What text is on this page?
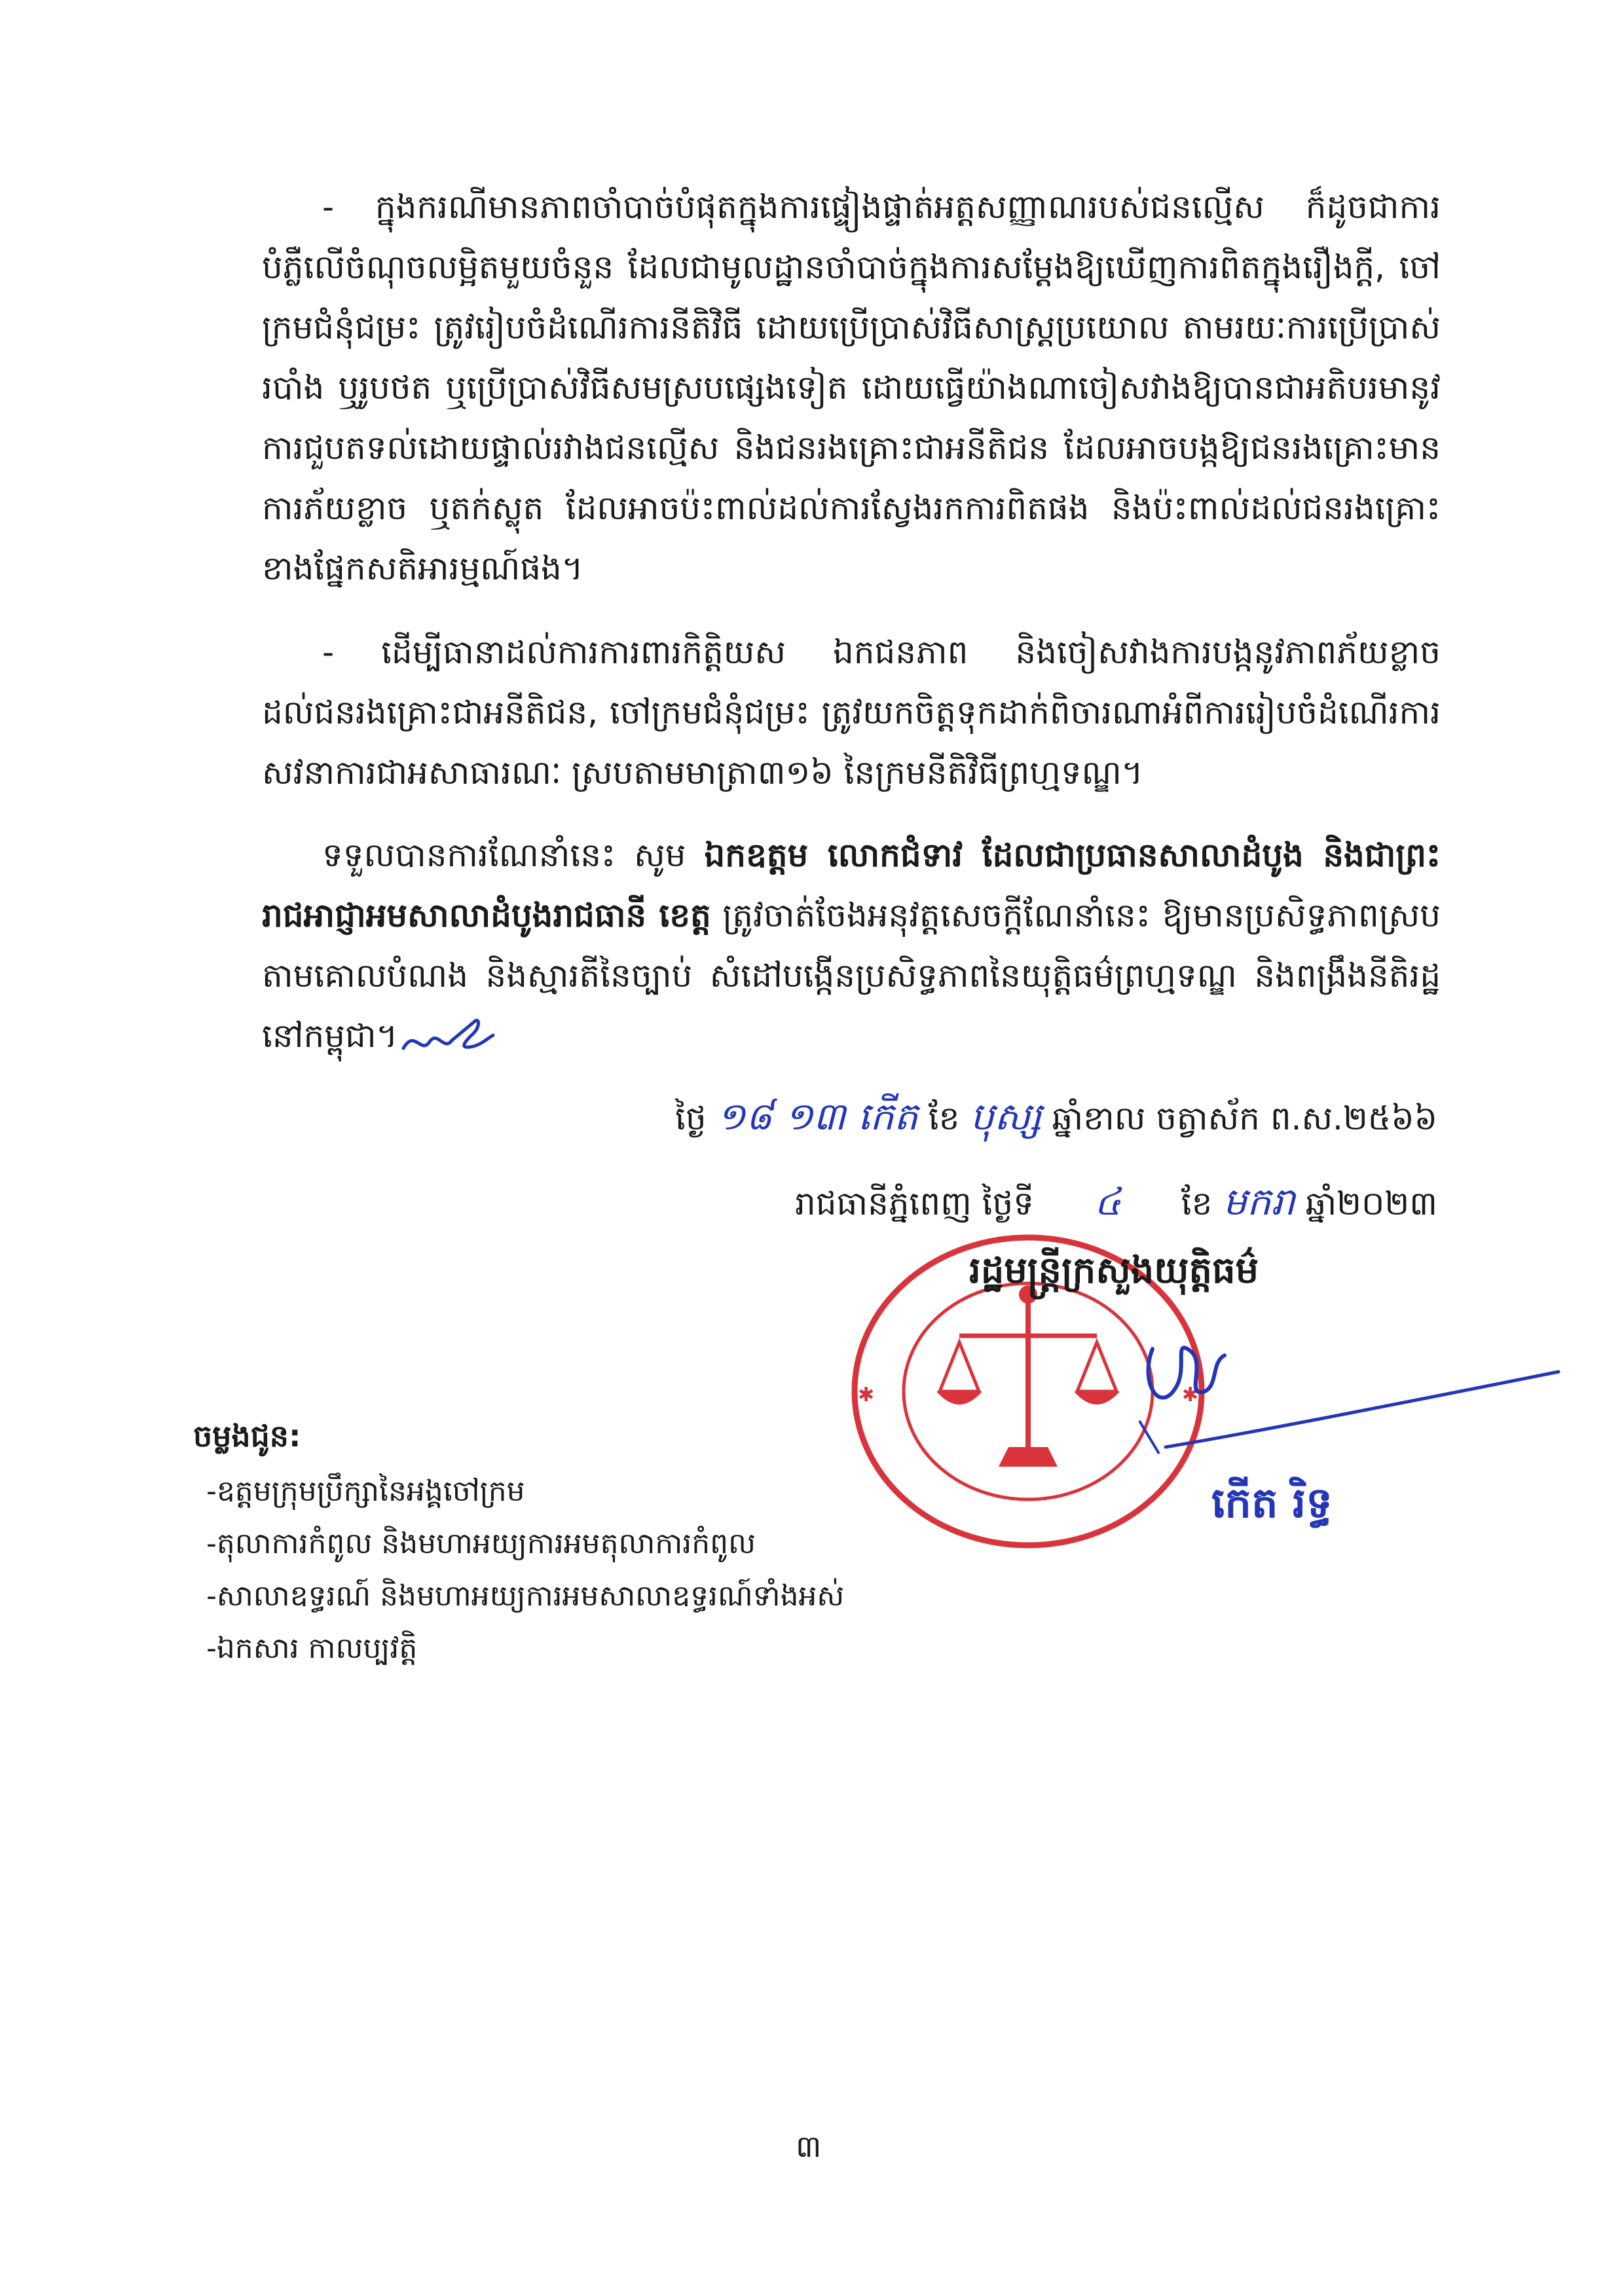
- ក្នុងករណីមានភាពចាំបាច់បំផុតក្នុងការផ្ទៀងផ្ទាត់អត្តសញ្ញាណរបស់ជនល្មើស ក៏ដូចជាការបំភ្លឺលើចំណុចលម្អិតមួយចំនួន ដែលជាមូលដ្ឋានចាំបាច់ក្នុងការសម្តែងឱ្យឃើញការពិតក្នុងរឿងក្តី, ចៅក្រមជំនុំជម្រះ ត្រូវរៀបចំដំណើរការនីតិវិធី ដោយប្រើប្រាស់វិធីសាស្ត្រប្រយោល តាមរយៈការប្រើប្រាស់របាំង ឬរូបថត ឬប្រើប្រាស់វិធីសមស្របផ្សេងទៀត ដោយធ្វើយ៉ាងណាចៀសវាងឱ្យបានជាអតិបរមានូវការជួបតទល់ដោយផ្ទាល់រវាងជនល្មើស និងជនរងគ្រោះជាអនីតិជន ដែលអាចបង្កឱ្យជនរងគ្រោះមានការភ័យខ្លាច ឬតក់ស្លុត ដែលអាចប៉ះពាល់ដល់ការស្វែងរកការពិតផង និងប៉ះពាល់ដល់ជនរងគ្រោះខាងផ្នែកសតិអារម្មណ៍ផង។

- ដើម្បីធានាដល់ការការពារកិត្តិយស ឯកជនភាព និងចៀសវាងការបង្កនូវភាពភ័យខ្លាចដល់ជនរងគ្រោះជាអនីតិជន, ចៅក្រមជំនុំជម្រះ ត្រូវយកចិត្តទុកដាក់ពិចារណាអំពីការរៀបចំដំណើរការសវនាការជាអសាធារណៈ ស្របតាមមាត្រា៣១៦ នៃក្រមនីតិវិធីព្រហ្មទណ្ឌ។

ទទួលបានការណែនាំនេះ សូម ឯកឧត្តម លោកជំទាវ ដែលជាប្រធានសាលាដំបូង និងជាព្រះរាជអាជ្ញាអមសាលាដំបូងរាជធានី ខេត្ត ត្រូវចាត់ចែងអនុវត្តសេចក្តីណែនាំនេះ ឱ្យមានប្រសិទ្ធភាពស្របតាមគោលបំណង និងស្មារតីនៃច្បាប់ សំដៅបង្កើនប្រសិទ្ធភាពនៃយុត្តិធម៌ព្រហ្មទណ្ឌ និងពង្រឹងនីតិរដ្ឋនៅកម្ពុជា។

ថ្ងៃ ១៨ ១៣ កើត ខែ បុស្ស ឆ្នាំខាល ចត្វាស័ក ព.ស.២៥៦៦
រាជធានីភ្នំពេញ ថ្ងៃទី ៤ ខែ មករា ឆ្នាំ២០២៣
✱	✱
រដ្ឋមន្ត្រីក្រសួងយុត្តិធម៌
កើត រិទ្ធ
ចម្លងជូន:
-ឧត្តមក្រុមប្រឹក្សានៃអង្គចៅក្រម
-តុលាការកំពូល និងមហាអយ្យការអមតុលាការកំពូល
-សាលាឧទ្ធរណ៍ និងមហាអយ្យការអមសាលាឧទ្ធរណ៍ទាំងអស់
-ឯកសារ កាលប្បវត្តិ
៣
